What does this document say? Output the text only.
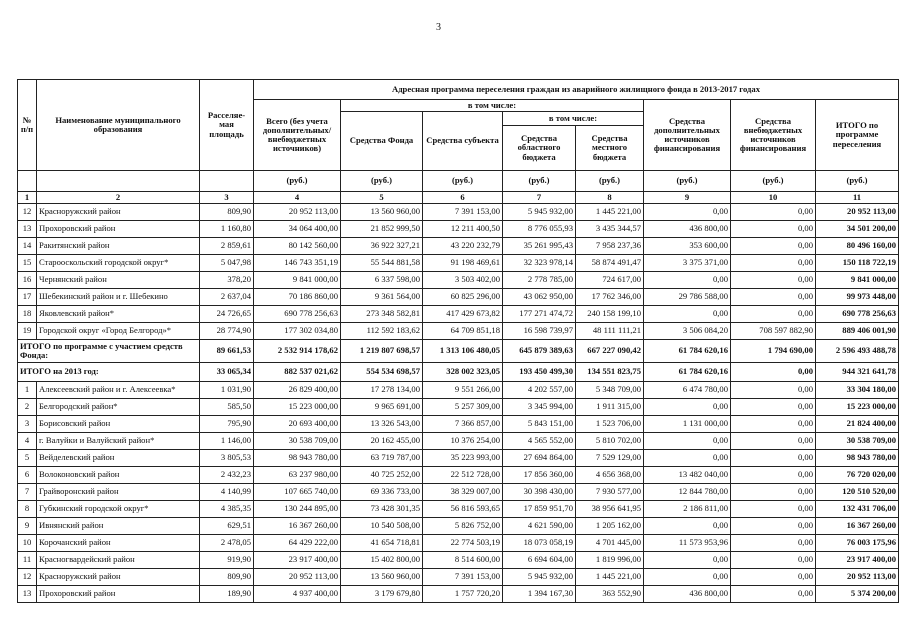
3
№ п/п	Наименование муниципального образования	Расселяе-мая площадь	Адресная программа переселения граждан из аварийного жилищного фонда в 2013-2017 годах							
			Всего (без учета дополнительных/ внебюджетных источников)	в том числе:				Средства дополнительных источников финансирования	Средства внебюджетных источников финансирования	ИТОГО по программе переселения
				Средства Фонда	Средства субъекта	в том числе:				
						Средства областного бюджета	Средства местного бюджета			
			(руб.)	(руб.)	(руб.)	(руб.)	(руб.)	(руб.)	(руб.)	(руб.)
1	2	3	4	5	6	7	8	9	10	11
12	Красноружский район	809,90	20 952 113,00	13 560 960,00	7 391 153,00	5 945 932,00	1 445 221,00	0,00	0,00	20 952 113,00
13	Прохоровский район	1 160,80	34 064 400,00	21 852 999,50	12 211 400,50	8 776 055,93	3 435 344,57	436 800,00	0,00	34 501 200,00
14	Ракитянский район	2 859,61	80 142 560,00	36 922 327,21	43 220 232,79	35 261 995,43	7 958 237,36	353 600,00	0,00	80 496 160,00
15	Старооскольский городской округ*	5 047,98	146 743 351,19	55 544 881,58	91 198 469,61	32 323 978,14	58 874 491,47	3 375 371,00	0,00	150 118 722,19
16	Чернянский район	378,20	9 841 000,00	6 337 598,00	3 503 402,00	2 778 785,00	724 617,00	0,00	0,00	9 841 000,00
17	Шебекинский район и г. Шебекино	2 637,04	70 186 860,00	9 361 564,00	60 825 296,00	43 062 950,00	17 762 346,00	29 786 588,00	0,00	99 973 448,00
18	Яковлевский район*	24 726,65	690 778 256,63	273 348 582,81	417 429 673,82	177 271 474,72	240 158 199,10	0,00	0,00	690 778 256,63
19	Городской округ «Город Белгород»*	28 774,90	177 302 034,80	112 592 183,62	64 709 851,18	16 598 739,97	48 111 111,21	3 506 084,20	708 597 882,90	889 406 001,90
ИТОГО по программе с участием средств Фонда:		89 661,53	2 532 914 178,62	1 219 807 698,57	1 313 106 480,05	645 879 389,63	667 227 090,42	61 784 620,16	1 794 690,00	2 596 493 488,78
ИТОГО на 2013 год:		33 065,34	882 537 021,62	554 534 698,57	328 002 323,05	193 450 499,30	134 551 823,75	61 784 620,16	0,00	944 321 641,78
1	Алексеевский район и г. Алексеевка*	1 031,90	26 829 400,00	17 278 134,00	9 551 266,00	4 202 557,00	5 348 709,00	6 474 780,00	0,00	33 304 180,00
2	Белгородский район*	585,50	15 223 000,00	9 965 691,00	5 257 309,00	3 345 994,00	1 911 315,00	0,00	0,00	15 223 000,00
3	Борисовский район	795,90	20 693 400,00	13 326 543,00	7 366 857,00	5 843 151,00	1 523 706,00	1 131 000,00	0,00	21 824 400,00
4	г. Валуйки и Валуйский район*	1 146,00	30 538 709,00	20 162 455,00	10 376 254,00	4 565 552,00	5 810 702,00	0,00	0,00	30 538 709,00
5	Вейделевский район	3 805,53	98 943 780,00	63 719 787,00	35 223 993,00	27 694 864,00	7 529 129,00	0,00	0,00	98 943 780,00
6	Волоконовский район	2 432,23	63 237 980,00	40 725 252,00	22 512 728,00	17 856 360,00	4 656 368,00	13 482 040,00	0,00	76 720 020,00
7	Грайворонский район	4 140,99	107 665 740,00	69 336 733,00	38 329 007,00	30 398 430,00	7 930 577,00	12 844 780,00	0,00	120 510 520,00
8	Губкинский городской округ*	4 385,35	130 244 895,00	73 428 301,35	56 816 593,65	17 859 951,70	38 956 641,95	2 186 811,00	0,00	132 431 706,00
9	Ивнянский район	629,51	16 367 260,00	10 540 508,00	5 826 752,00	4 621 590,00	1 205 162,00	0,00	0,00	16 367 260,00
10	Корочанский район	2 478,05	64 429 222,00	41 654 718,81	22 774 503,19	18 073 058,19	4 701 445,00	11 573 953,96	0,00	76 003 175,96
11	Красногвардейский район	919,90	23 917 400,00	15 402 800,00	8 514 600,00	6 694 604,00	1 819 996,00	0,00	0,00	23 917 400,00
12	Красноружский район	809,90	20 952 113,00	13 560 960,00	7 391 153,00	5 945 932,00	1 445 221,00	0,00	0,00	20 952 113,00
13	Прохоровский район	189,90	4 937 400,00	3 179 679,80	1 757 720,20	1 394 167,30	363 552,90	436 800,00	0,00	5 374 200,00
